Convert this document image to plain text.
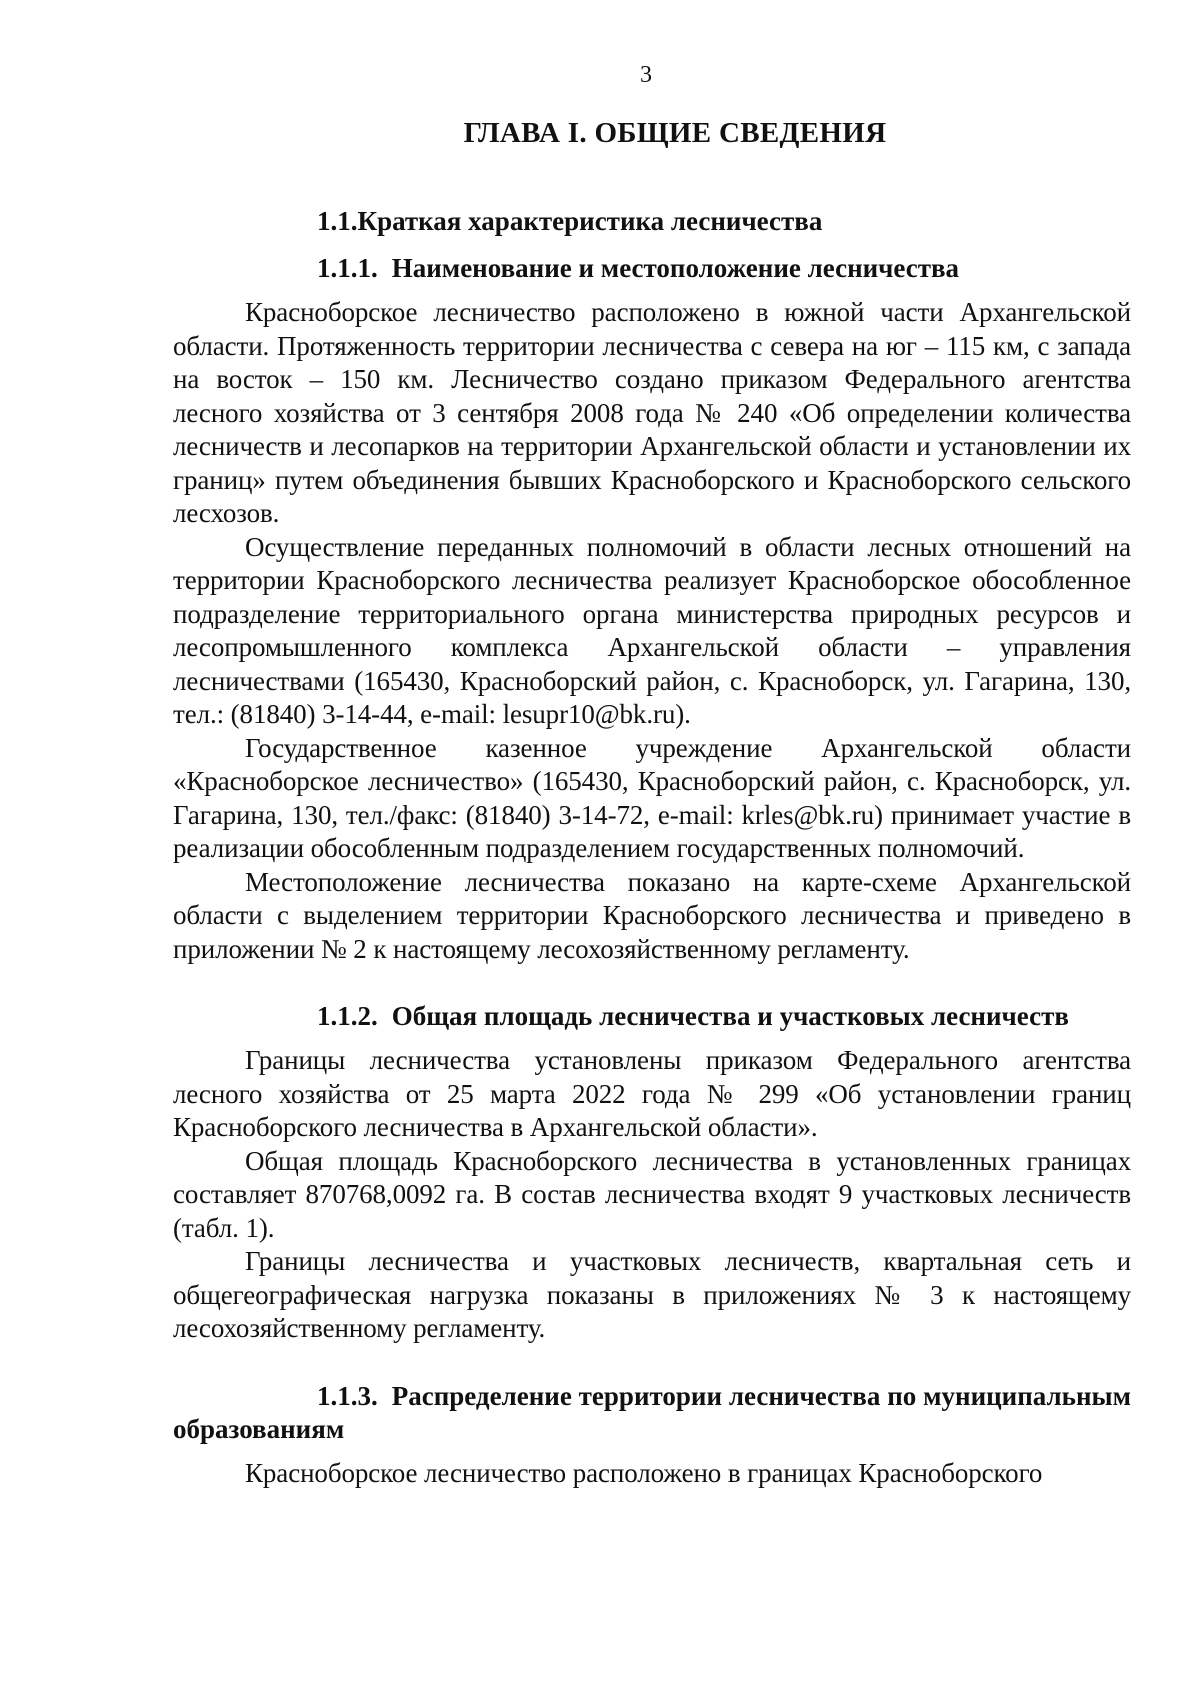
3
ГЛАВА I. ОБЩИЕ СВЕДЕНИЯ
1.1.Краткая характеристика лесничества
1.1.1. Наименование и местоположение лесничества

Красноборское лесничество расположено в южной части Архангельской области. Протяженность территории лесничества с севера на юг – 115 км, с запада на восток – 150 км. Лесничество создано приказом Федерального агентства лесного хозяйства от 3 сентября 2008 года № 240 «Об определении количества лесничеств и лесопарков на территории Архангельской области и установлении их границ» путем объединения бывших Красноборского и Красноборского сельского лесхозов.

Осуществление переданных полномочий в области лесных отношений на территории Красноборского лесничества реализует Красноборское обособленное подразделение территориального органа министерства природных ресурсов и лесопромышленного комплекса Архангельской области – управления лесничествами (165430, Красноборский район, с. Красноборск, ул. Гагарина, 130, тел.: (81840) 3-14-44, e-mail: lesupr10@bk.ru).

Государственное казенное учреждение Архангельской области «Красноборское лесничество» (165430, Красноборский район, с. Красноборск, ул. Гагарина, 130, тел./факс: (81840) 3-14-72, e-mail: krles@bk.ru) принимает участие в реализации обособленным подразделением государственных полномочий.

Местоположение лесничества показано на карте-схеме Архангельской области с выделением территории Красноборского лесничества и приведено в приложении № 2 к настоящему лесохозяйственному регламенту.

1.1.2. Общая площадь лесничества и участковых лесничеств

Границы лесничества установлены приказом Федерального агентства лесного хозяйства от 25 марта 2022 года № 299 «Об установлении границ Красноборского лесничества в Архангельской области».

Общая площадь Красноборского лесничества в установленных границах составляет 870768,0092 га. В состав лесничества входят 9 участковых лесничеств (табл. 1).

Границы лесничества и участковых лесничеств, квартальная сеть и общегеографическая нагрузка показаны в приложениях № 3 к настоящему лесохозяйственному регламенту.

1.1.3. Распределение территории лесничества по муниципальным образованиям

Красноборское лесничество расположено в границах Красноборского
